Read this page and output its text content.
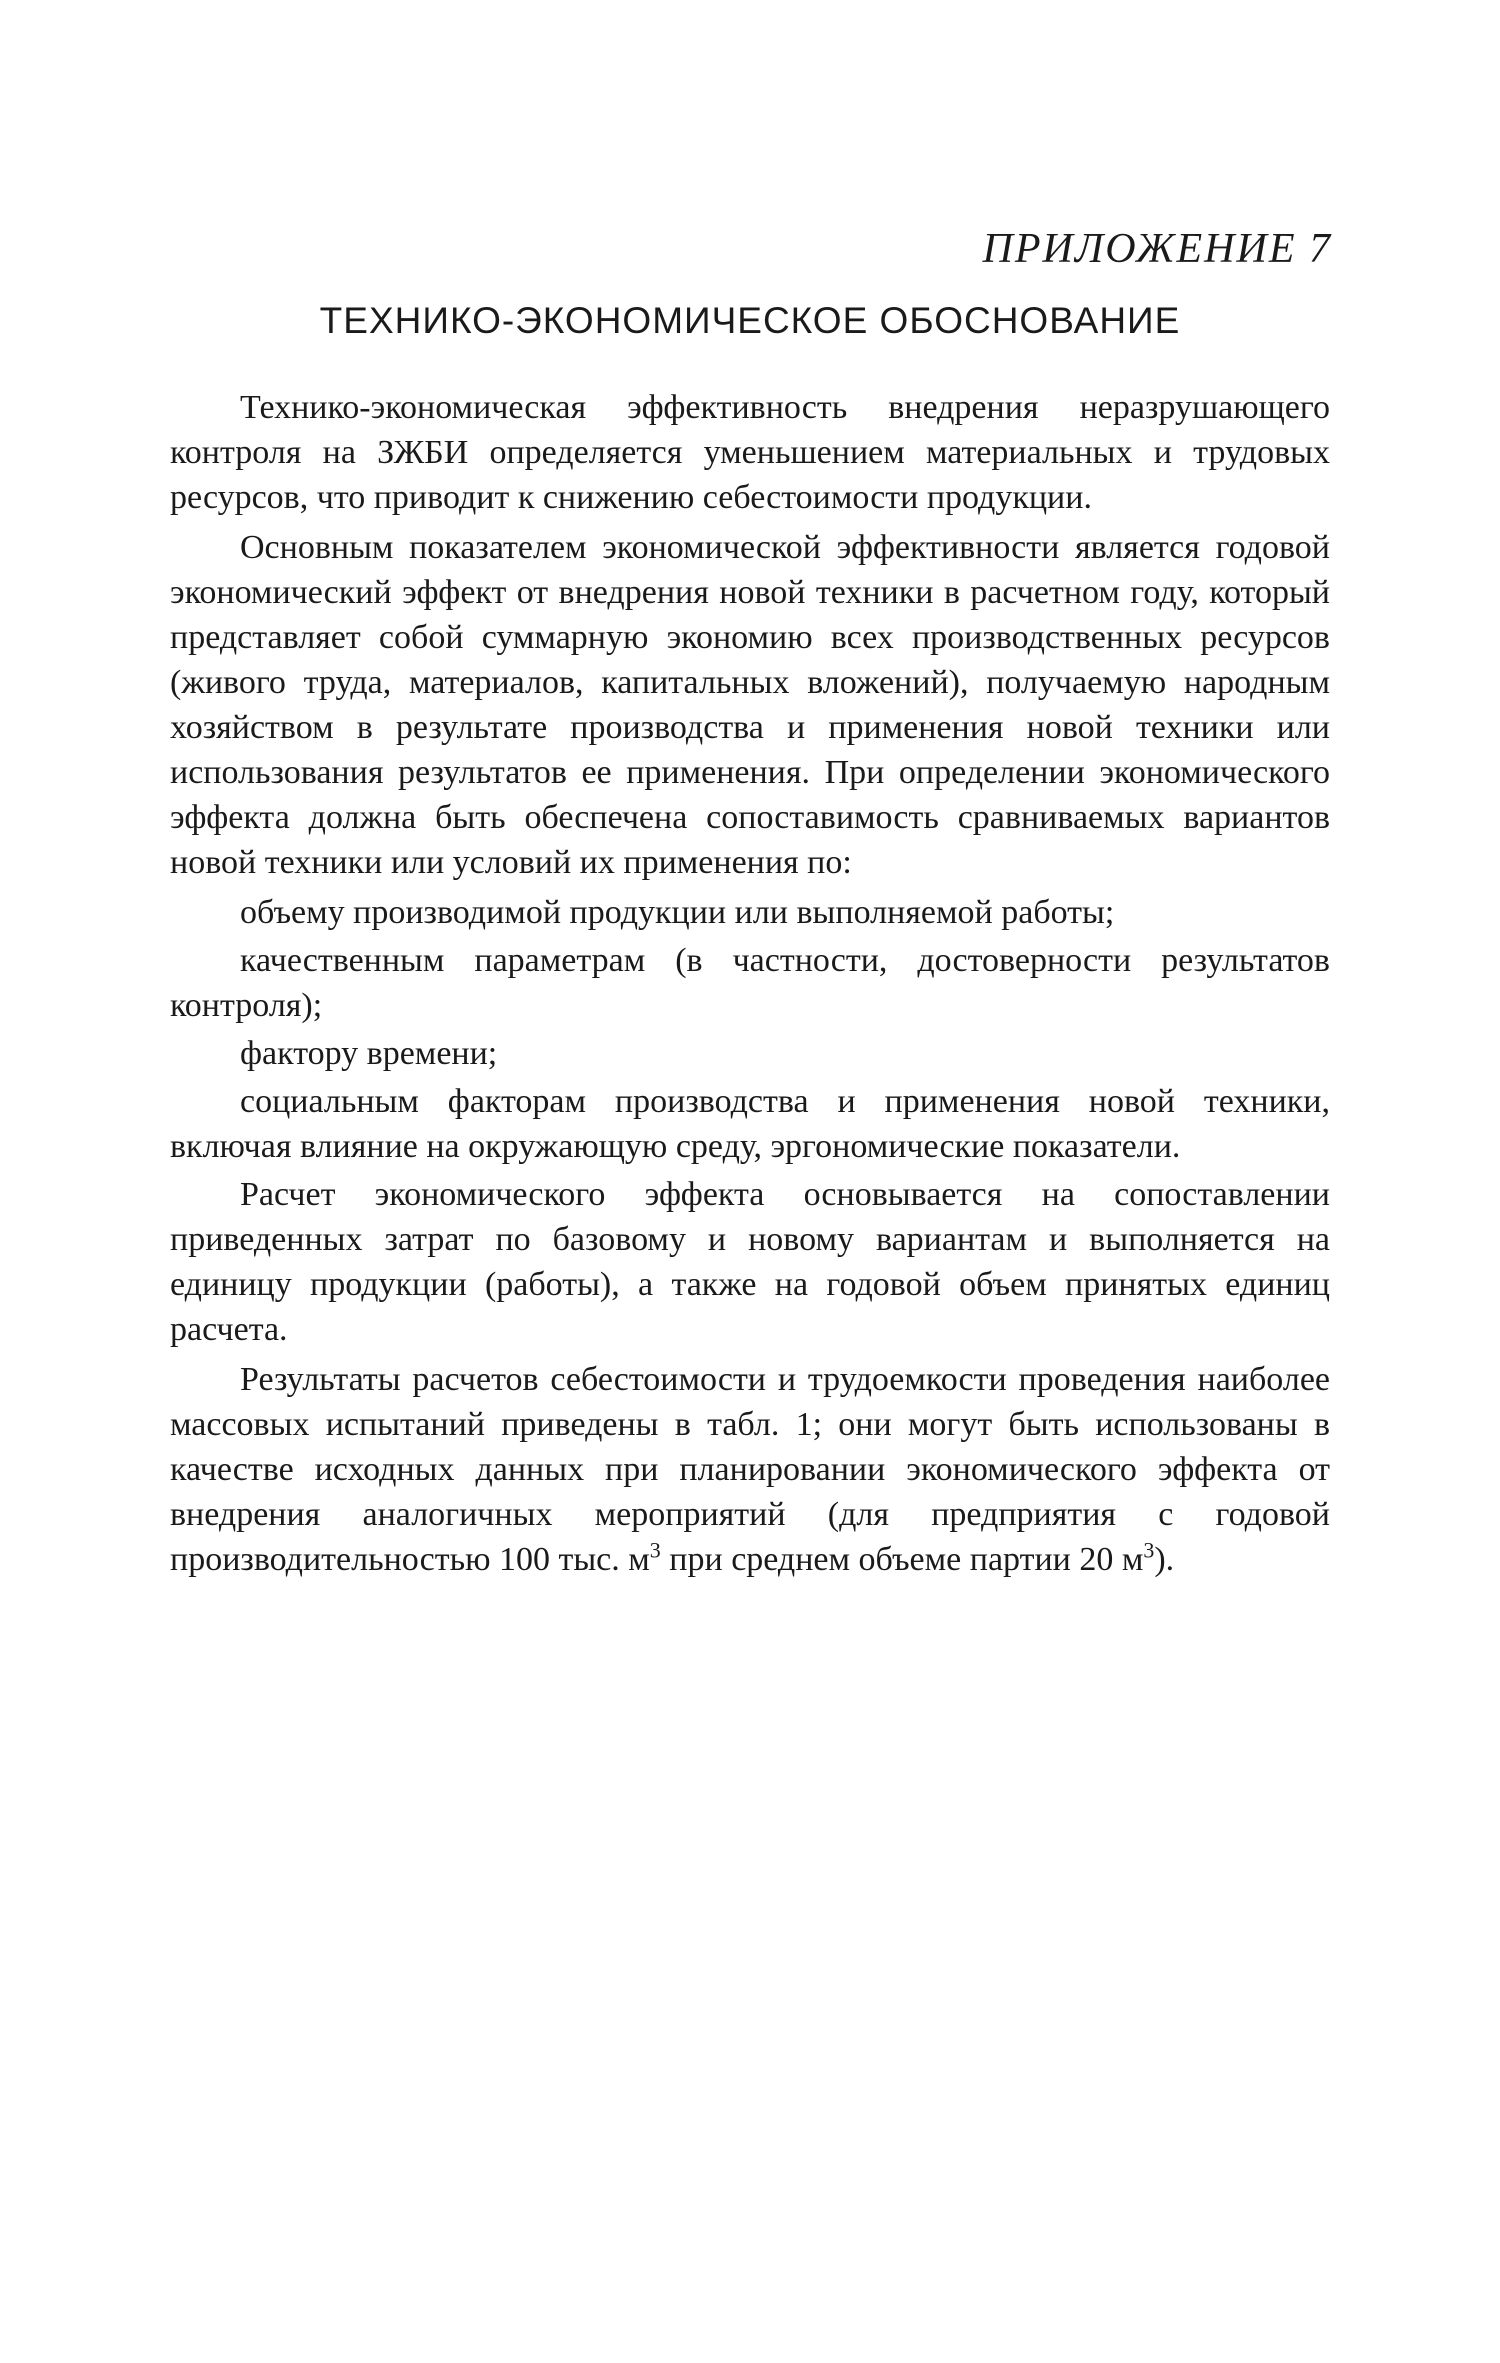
ПРИЛОЖЕНИЕ 7
ТЕХНИКО-ЭКОНОМИЧЕСКОЕ ОБОСНОВАНИЕ

Технико-экономическая эффективность внедрения неразрушающего контроля на ЗЖБИ определяется уменьшением материальных и трудовых ресурсов, что приводит к снижению себестоимости продукции.

Основным показателем экономической эффективности является годовой экономический эффект от внедрения новой техники в расчетном году, который представляет собой суммарную экономию всех производственных ресурсов (живого труда, материалов, капитальных вложений), получаемую народным хозяйством в результате производства и применения новой техники или использования результатов ее применения. При определении экономического эффекта должна быть обеспечена сопоставимость сравниваемых вариантов новой техники или условий их применения по:

объему производимой продукции или выполняемой работы;
качественным параметрам (в частности, достоверности результатов контроля);
фактору времени;
социальным факторам производства и применения новой техники, включая влияние на окружающую среду, эргономические показатели.

Расчет экономического эффекта основывается на сопоставлении приведенных затрат по базовому и новому вариантам и выполняется на единицу продукции (работы), а также на годовой объем принятых единиц расчета.

Результаты расчетов себестоимости и трудоемкости проведения наиболее массовых испытаний приведены в табл. 1; они могут быть использованы в качестве исходных данных при планировании экономического эффекта от внедрения аналогичных мероприятий (для предприятия с годовой производительностью 100 тыс. $м^3$ при среднем объеме партии 20 $м^3$).
